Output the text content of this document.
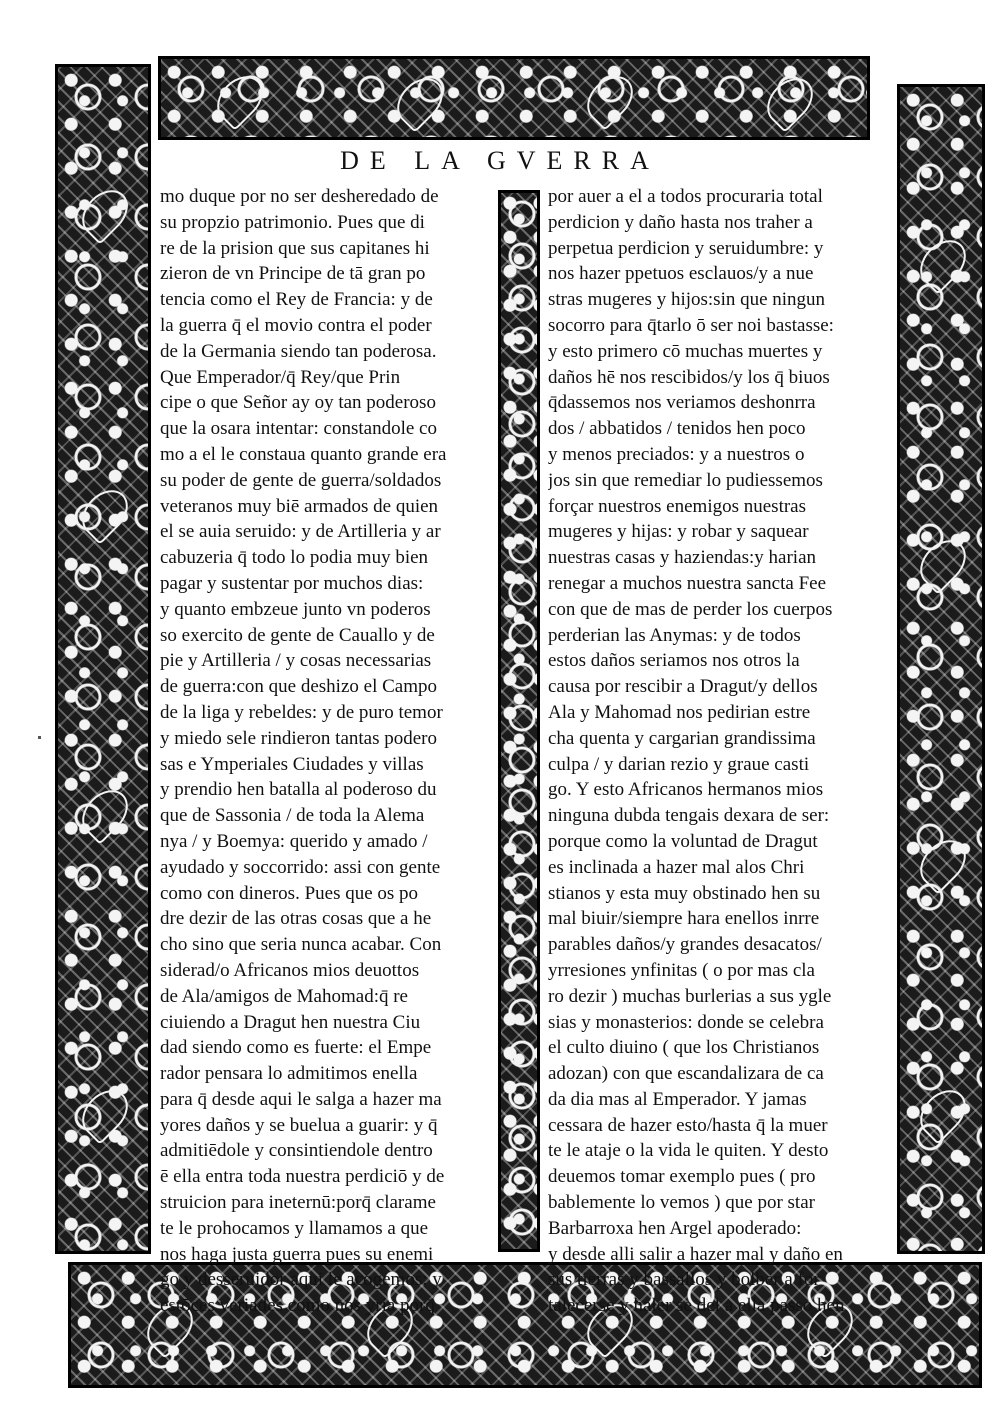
DE LA GVERRA
mo duque por no ser desheredado de
su propzio patrimonio. Pues que di
re de la prision que sus capitanes hi
zieron de vn Principe de tā gran po
tencia como el Rey de Francia: y de
la guerra q̄ el movio contra el poder
de la Germania siendo tan poderosa.
Que Emperador/q̄ Rey/que Prin
cipe o que Señor ay oy tan poderoso
que la osara intentar: constandole co
mo a el le constaua quanto grande era
su poder de gente de guerra/soldados
veteranos muy biē armados de quien
el se auia seruido: y de Artilleria y ar
cabuzeria q̄ todo lo podia muy bien
pagar y sustentar por muchos dias:
y quanto embzeue junto vn poderos
so exercito de gente de Cauallo y de
pie y Artilleria / y cosas necessarias
de guerra:con que deshizo el Campo
de la liga y rebeldes: y de puro temor
y miedo sele rindieron tantas podero
sas e Ymperiales Ciudades y villas
y prendio hen batalla al poderoso du
que de Sassonia / de toda la Alema
nya / y Boemya: querido y amado /
ayudado y soccorrido: assi con gente
como con dineros. Pues que os po
dre dezir de las otras cosas que a he
cho sino que seria nunca acabar. Con
siderad/o Africanos mios deuottos
de Ala/amigos de Mahomad:q̄ re
ciuiendo a Dragut hen nuestra Ciu
dad siendo como es fuerte: el Empe
rador pensara lo admitimos enella
para q̄ desde aqui le salga a hazer ma
yores daños y se buelua a guarir: y q̄
admitiēdole y consintiendole dentro
ē ella entra toda nuestra perdiciō y de
struicion para ineternū:porq̄ clarame
te le prohocamos y llamamos a que
nos haga justa guerra pues su enemi
go y desseruidor aqui le acogemos: y
estōces veriades como nos yria porq̄
por auer a el a todos procuraria total
perdicion y daño hasta nos traher a
perpetua perdicion y seruidumbre: y
nos hazer ppetuos esclauos/y a nue
stras mugeres y hijos:sin que ningun
socorro para q̄tarlo ō ser noi bastasse:
y esto primero cō muchas muertes y
daños hē nos rescibidos/y los q̄ biuos
q̄dassemos nos veriamos deshonrra
dos / abbatidos / tenidos hen poco
y menos preciados: y a nuestros o
jos sin que remediar lo pudiessemos
forçar nuestros enemigos nuestras
mugeres y hijas: y robar y saquear
nuestras casas y haziendas:y harian
renegar a muchos nuestra sancta Fee
con que de mas de perder los cuerpos
perderian las Anymas: y de todos
estos daños seriamos nos otros la
causa por rescibir a Dragut/y dellos
Ala y Mahomad nos pedirian estre
cha quenta y cargarian grandissima
culpa / y darian rezio y graue casti
go. Y esto Africanos hermanos mios
ninguna dubda tengais dexara de ser:
porque como la voluntad de Dragut
es inclinada a hazer mal alos Chri
stianos y esta muy obstinado hen su
mal biuir/siempre hara enellos inrre
parables daños/y grandes desacatos/
yrresiones ynfinitas ( o por mas cla
ro dezir ) muchas burlerias a sus ygle
sias y monasterios: donde se celebra
el culto diuino ( que los Christianos
adozan) con que escandalizara de ca
da dia mas al Emperador. Y jamas
cessara de hazer esto/hasta q̄ la muer
te le ataje o la vida le quiten. Y desto
deuemos tomar exemplo pues ( pro
bablemente lo vemos ) que por star
Barbarroxa hen Argel apoderado:
y desde alli salir a hazer mal y daño en
sus tierras y bassallos y bolber a for
talecerse y haler se del a ella passo hen
